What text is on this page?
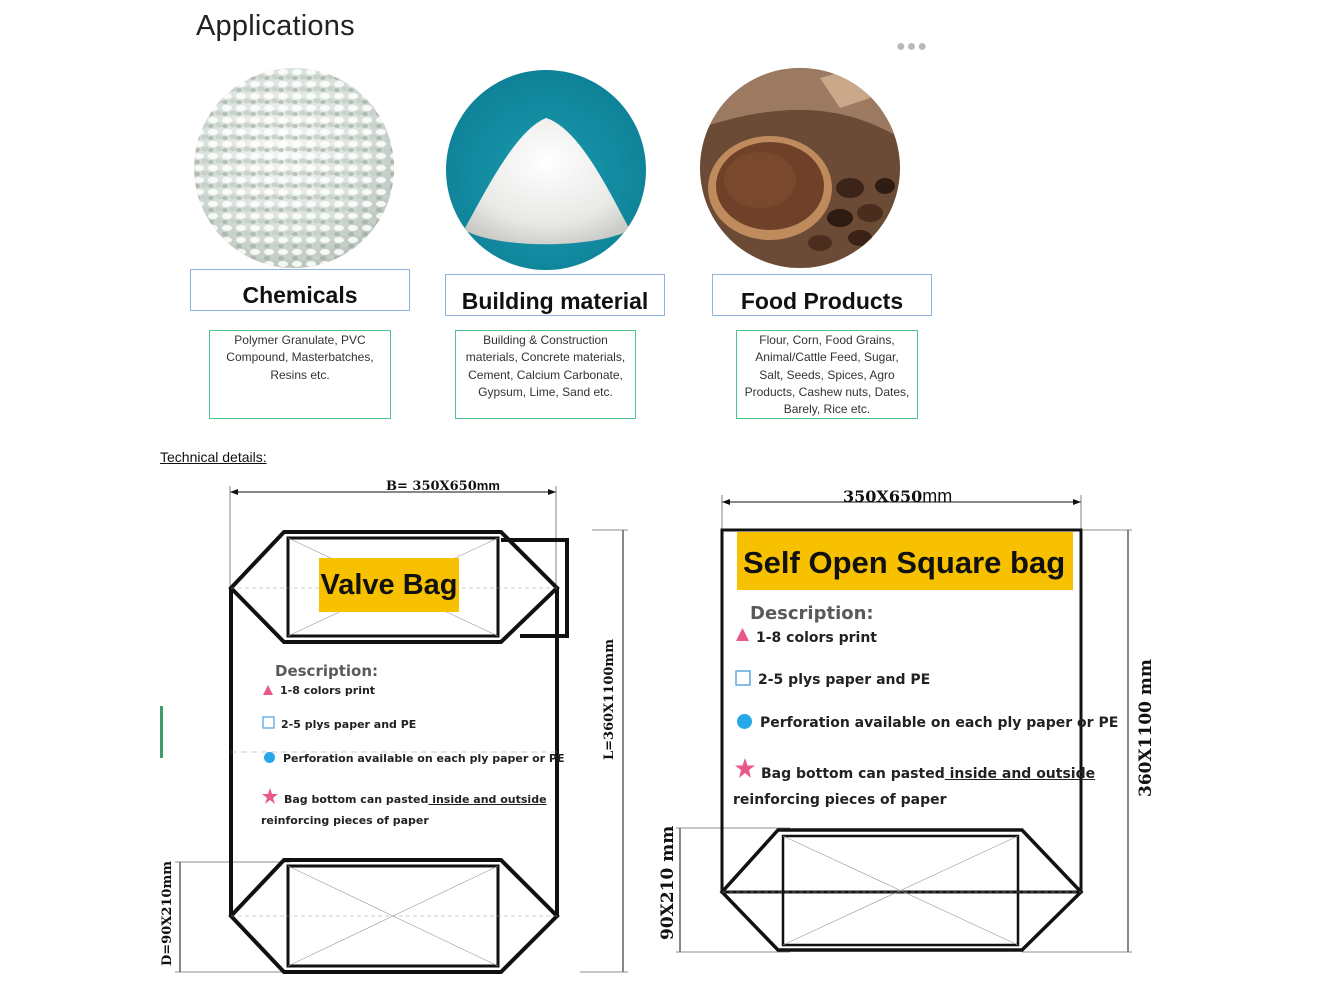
Applications
●●●
Chemicals	Building material	Food Products
Polymer Granulate, PVC
Compound, Masterbatches,
Resins etc.
Building & Construction
materials, Concrete materials,
Cement, Calcium Carbonate,
Gypsum, Lime, Sand etc.
Flour, Corn, Food Grains,
Animal/Cattle Feed, Sugar,
Salt, Seeds, Spices, Agro
Products, Cashew nuts, Dates,
Barely, Rice etc.
Technical details:
B= 350X650mm
L=360X1100mm
D=90X210mm
Valve Bag
Description:
1-8 colors print
2-5 plys paper and PE
Perforation available on each ply paper or PE
Bag bottom can pasted inside and outside
reinforcing pieces of paper
350X650mm
360X1100 mm
90X210 mm
Self Open Square bag
Description:
1-8 colors print
2-5 plys paper and PE
Perforation available on each ply paper or PE
Bag bottom can pasted inside and outside
reinforcing pieces of paper
